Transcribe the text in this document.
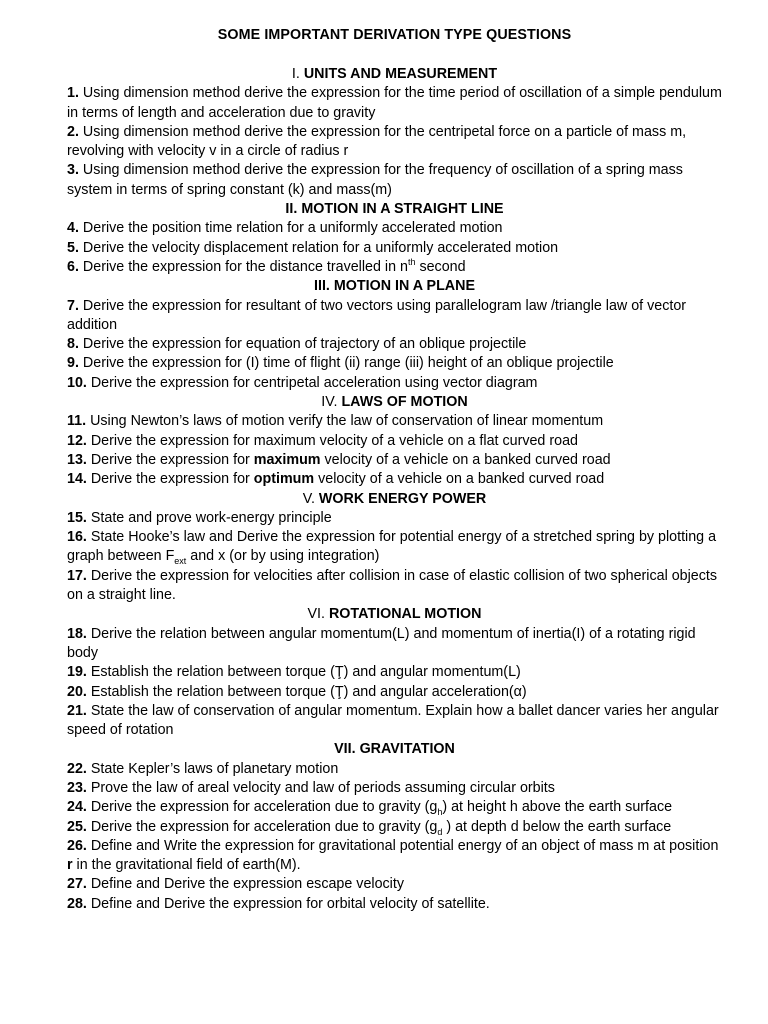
SOME IMPORTANT DERIVATION TYPE QUESTIONS
I. UNITS AND MEASUREMENT
1. Using dimension method derive the expression for the time period of oscillation of a simple pendulum in terms of length and acceleration due to gravity
2. Using dimension method derive the expression for the centripetal force on a particle of mass m, revolving with velocity v in a circle of radius r
3. Using dimension method derive the expression for the frequency of oscillation of a spring mass system in terms of spring constant (k) and mass(m)
II. MOTION IN A STRAIGHT LINE
4. Derive the position time relation for a uniformly accelerated motion
5. Derive the velocity displacement relation for a uniformly accelerated motion
6. Derive the expression for the distance travelled in $n^{th}$ second
III. MOTION IN A PLANE
7. Derive the expression for resultant of two vectors using parallelogram law /triangle law of vector addition
8. Derive the expression for equation of trajectory of an oblique projectile
9. Derive the expression for (I) time of flight (ii) range (iii) height of an oblique projectile
10. Derive the expression for centripetal acceleration using vector diagram
IV. LAWS OF MOTION
11. Using Newton’s laws of motion verify the law of conservation of linear momentum
12. Derive the expression for maximum velocity of a vehicle on a flat curved road
13. Derive the expression for maximum velocity of a vehicle on a banked curved road
14. Derive the expression for optimum velocity of a vehicle on a banked curved road
V. WORK ENERGY POWER
15. State and prove work-energy principle
16. State Hooke’s law and Derive the expression for potential energy of a stretched spring by plotting a graph between $F_{ext}$ and x (or by using integration)
17. Derive the expression for velocities after collision in case of elastic collision of two spherical objects on a straight line.
VI. ROTATIONAL MOTION
18. Derive the relation between angular momentum(L) and momentum of inertia(I) of a rotating rigid body
19. Establish the relation between torque (Ţ) and angular momentum(L)
20. Establish the relation between torque (Ţ) and angular acceleration(α)
21. State the law of conservation of angular momentum. Explain how a ballet dancer varies her angular speed of rotation
VII. GRAVITATION
22. State Kepler’s laws of planetary motion
23. Prove the law of areal velocity and law of periods assuming circular orbits
24. Derive the expression for acceleration due to gravity $(g_h)$ at height h above the earth surface
25. Derive the expression for acceleration due to gravity ($g_d$ ) at depth d below the earth surface
26. Define and Write the expression for gravitational potential energy of an object of mass m at position r in the gravitational field of earth(M).
27. Define and Derive the expression escape velocity
28. Define and Derive the expression for orbital velocity of satellite.
